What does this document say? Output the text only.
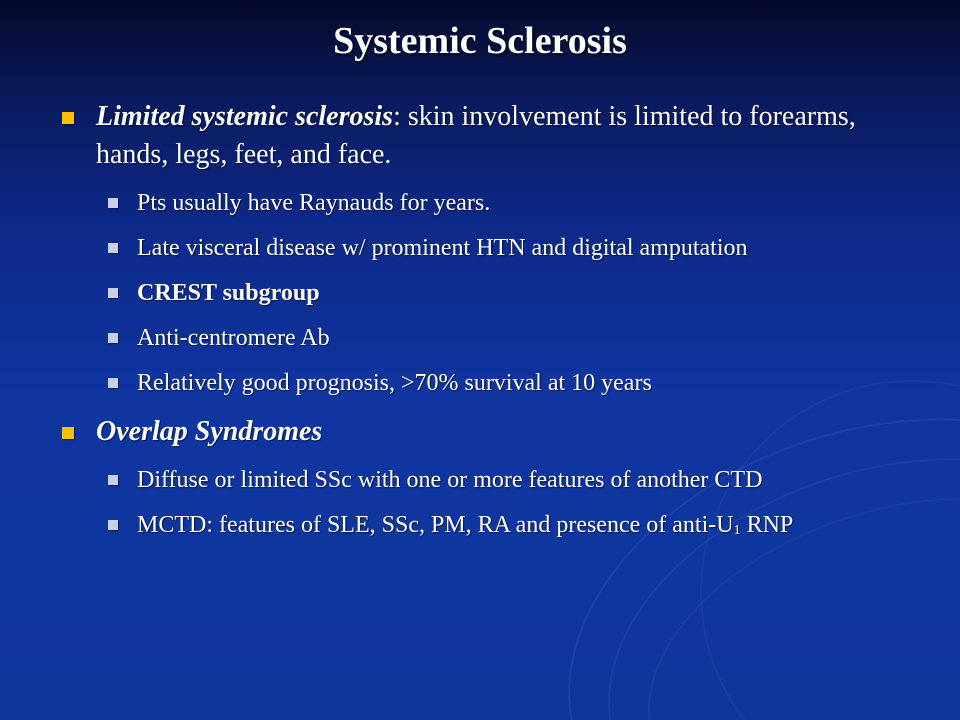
Systemic Sclerosis
Limited systemic sclerosis: skin involvement is limited to forearms, hands, legs, feet, and face.
Pts usually have Raynauds for years.
Late visceral disease w/ prominent HTN and digital amputation
CREST subgroup
Anti-centromere Ab
Relatively good prognosis, >70% survival at 10 years
Overlap Syndromes
Diffuse or limited SSc with one or more features of another CTD
MCTD: features of SLE, SSc, PM, RA and presence of anti-U1 RNP
